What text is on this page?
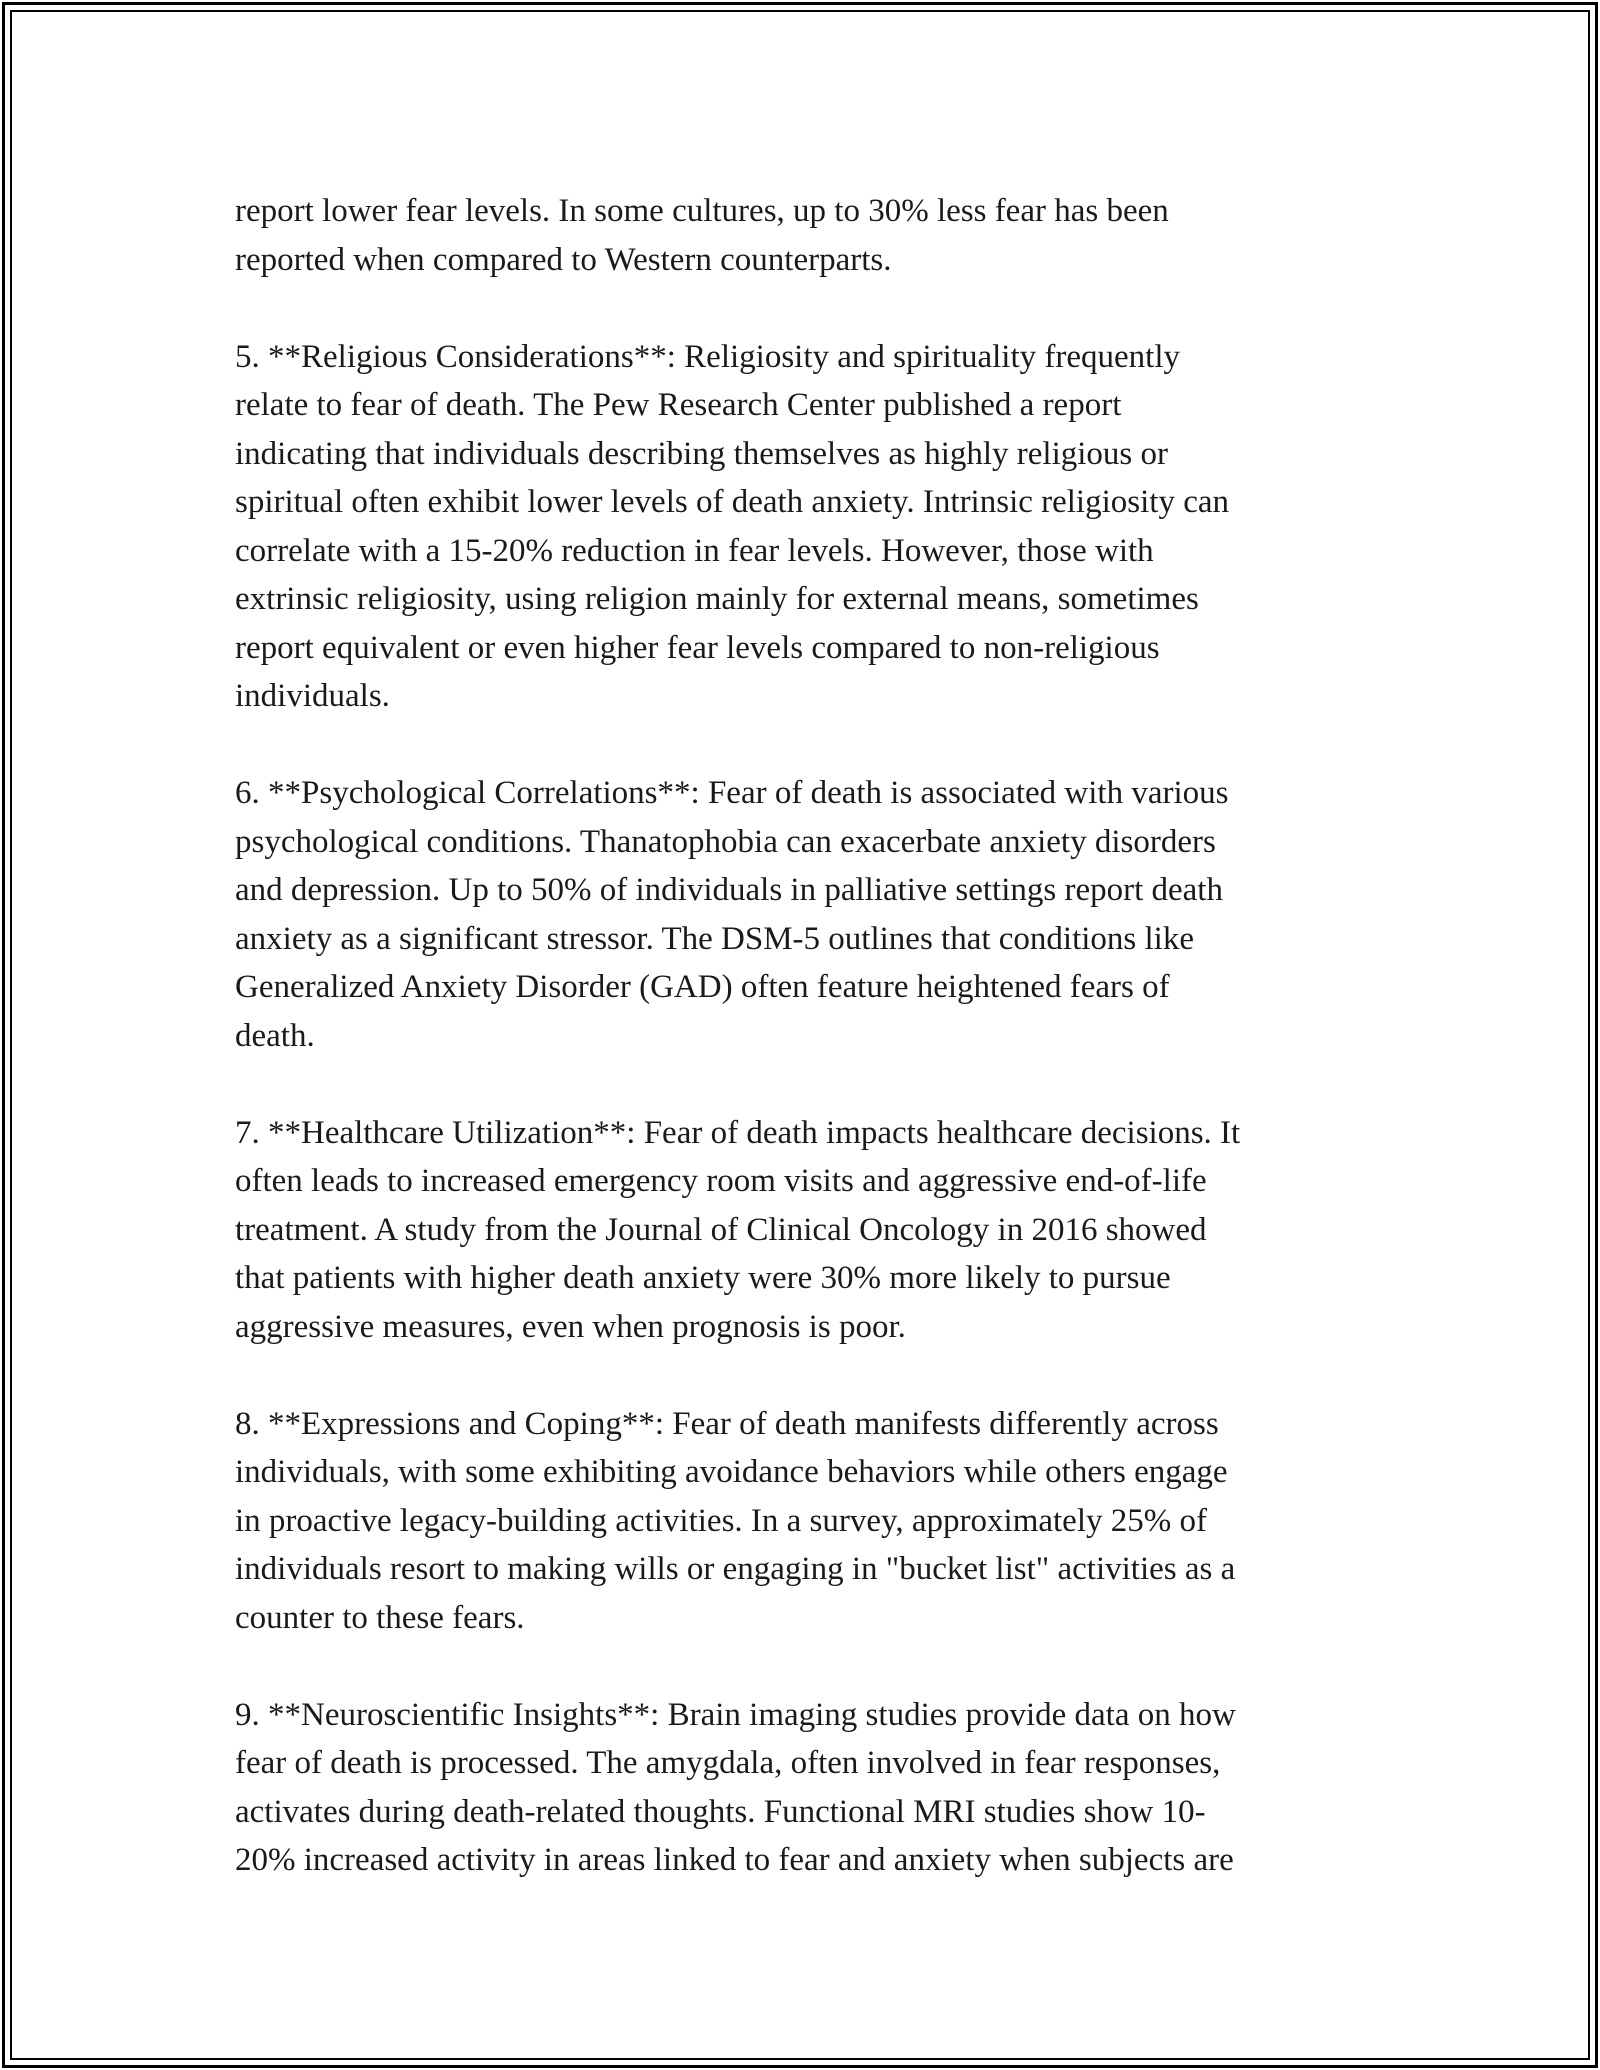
report lower fear levels. In some cultures, up to 30% less fear has been
reported when compared to Western counterparts.

5. **Religious Considerations**: Religiosity and spirituality frequently
relate to fear of death. The Pew Research Center published a report
indicating that individuals describing themselves as highly religious or
spiritual often exhibit lower levels of death anxiety. Intrinsic religiosity can
correlate with a 15-20% reduction in fear levels. However, those with
extrinsic religiosity, using religion mainly for external means, sometimes
report equivalent or even higher fear levels compared to non-religious
individuals.

6. **Psychological Correlations**: Fear of death is associated with various
psychological conditions. Thanatophobia can exacerbate anxiety disorders
and depression. Up to 50% of individuals in palliative settings report death
anxiety as a significant stressor. The DSM-5 outlines that conditions like
Generalized Anxiety Disorder (GAD) often feature heightened fears of
death.

7. **Healthcare Utilization**: Fear of death impacts healthcare decisions. It
often leads to increased emergency room visits and aggressive end-of-life
treatment. A study from the Journal of Clinical Oncology in 2016 showed
that patients with higher death anxiety were 30% more likely to pursue
aggressive measures, even when prognosis is poor.

8. **Expressions and Coping**: Fear of death manifests differently across
individuals, with some exhibiting avoidance behaviors while others engage
in proactive legacy-building activities. In a survey, approximately 25% of
individuals resort to making wills or engaging in "bucket list" activities as a
counter to these fears.

9. **Neuroscientific Insights**: Brain imaging studies provide data on how
fear of death is processed. The amygdala, often involved in fear responses,
activates during death-related thoughts. Functional MRI studies show 10-
20% increased activity in areas linked to fear and anxiety when subjects are
